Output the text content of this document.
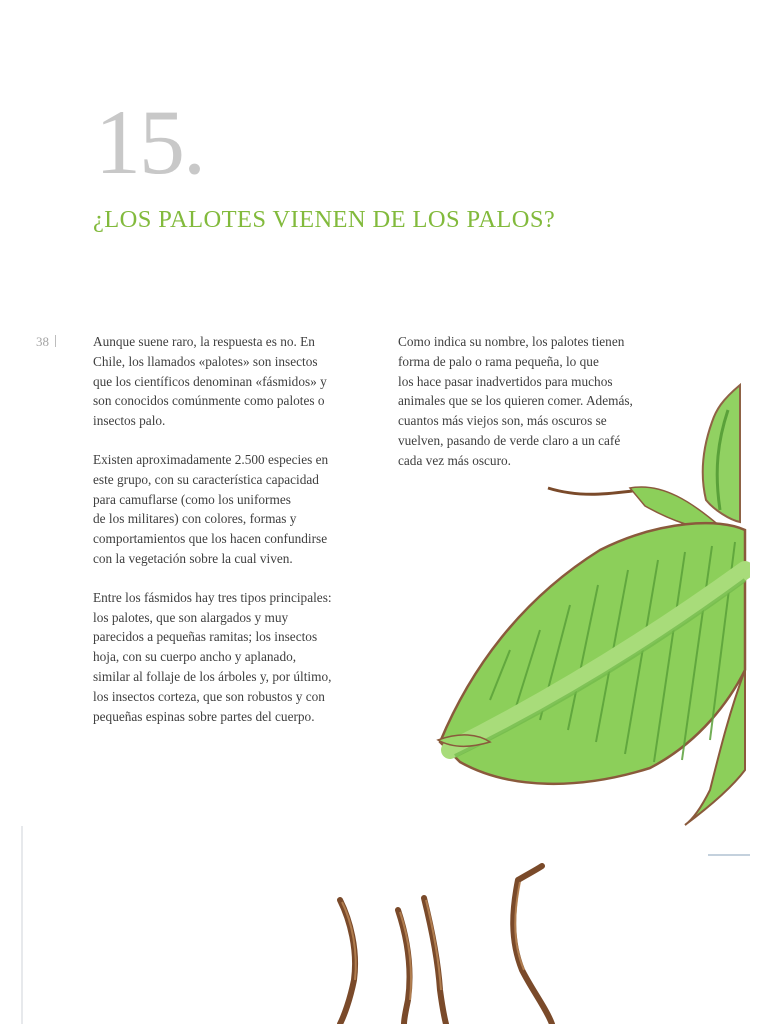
15.
¿LOS PALOTES VIENEN DE LOS PALOS?
38	Aunque suene raro, la respuesta es no. En
Chile, los llamados «palotes» son insectos
que los científicos denominan «fásmidos» y
son conocidos comúnmente como palotes o
insectos palo.

Existen aproximadamente 2.500 especies en
este grupo, con su característica capacidad
para camuflarse (como los uniformes
de los militares) con colores, formas y
comportamientos que los hacen confundirse
con la vegetación sobre la cual viven.

Entre los fásmidos hay tres tipos principales:
los palotes, que son alargados y muy
parecidos a pequeñas ramitas; los insectos
hoja, con su cuerpo ancho y aplanado,
similar al follaje de los árboles y, por último,
los insectos corteza, que son robustos y con
pequeñas espinas sobre partes del cuerpo.

Como indica su nombre, los palotes tienen
forma de palo o rama pequeña, lo que
los hace pasar inadvertidos para muchos
animales que se los quieren comer. Además,
cuantos más viejos son, más oscuros se
vuelven, pasando de verde claro a un café
cada vez más oscuro.
